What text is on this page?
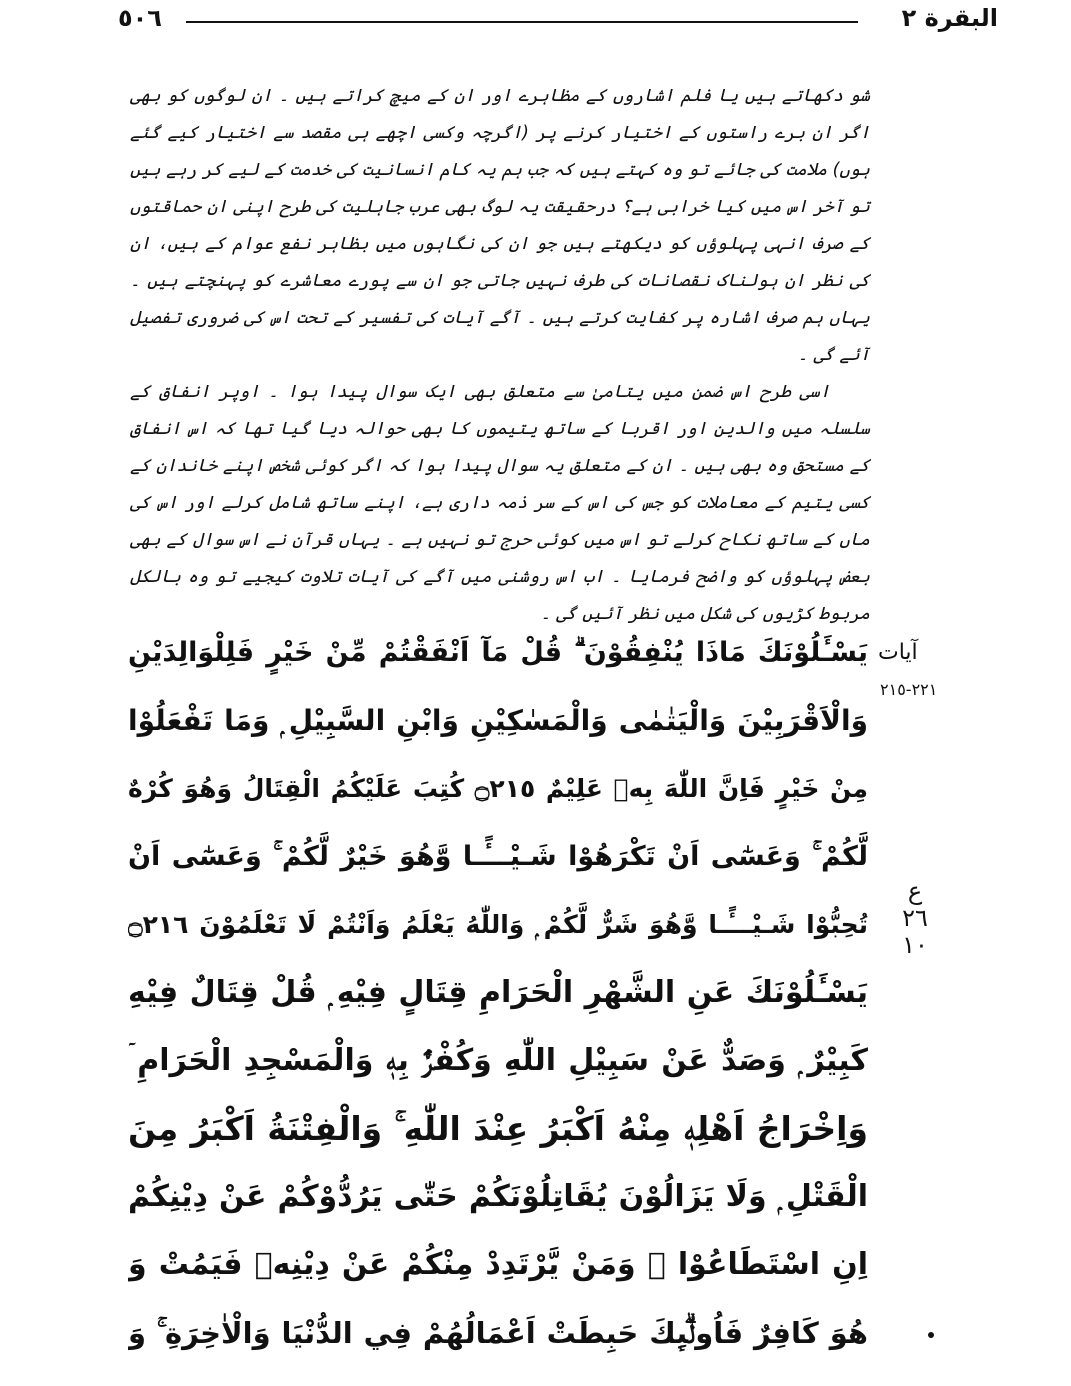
البقرة ٢
٥٠٦
شو دکھاتے ہیں یا فلم اشاروں کے مظاہرے اور ان کے میچ کراتے ہیں ۔ ان لوگوں کو بھی اگر ان برے راستوں کے اختیار کرنے پر (اگرچہ وکسی اچھے ہی مقصد سے اختیار کیے گئے ہوں) ملامت کی جائے تو وہ کہتے ہیں کہ جب ہم یہ کام انسانیت کی خدمت کے لیے کر رہے ہیں تو آخر اس میں کیا خرابی ہے؟ درحقیقت یہ لوگ بھی عرب جاہلیت کی طرح اپنی ان حماقتوں کے صرف انہی پہلوؤں کو دیکھتے ہیں جو ان کی نگاہوں میں بظاہر نفع عوام کے ہیں، ان کی نظر ان ہولناک نقصانات کی طرف نہیں جاتی جو ان سے پورے معاشرے کو پہنچتے ہیں ۔ یہاں ہم صرف اشارہ پر کفایت کرتے ہیں ۔ آگے آیات کی تفسیر کے تحت اس کی ضروری تفصیل آئے گی ۔
اسی طرح اس ضمن میں یتامیٰ سے متعلق بھی ایک سوال پیدا ہوا ۔ اوپر انفاق کے سلسلہ میں والدین اور اقربا کے ساتھ یتیموں کا بھی حوالہ دیا گیا تھا کہ اس انفاق کے مستحق وہ بھی ہیں ۔ ان کے متعلق یہ سوال پیدا ہوا کہ اگر کوئی شخص اپنے خاندان کے کسی یتیم کے معاملات کو جس کی اس کے سر ذمہ داری ہے، اپنے ساتھ شامل کرلے اور اس کی ماں کے ساتھ نکاح کرلے تو اس میں کوئی حرج تو نہیں ہے ۔ یہاں قرآن نے اس سوال کے بھی بعض پہلوؤں کو واضح فرمایا ۔ اب اس روشنی میں آگے کی آیات تلاوت کیجیے تو وہ بالکل مربوط کڑیوں کی شکل میں نظر آئیں گی ۔
آیات
٢٢١-٢١٥
ع ٢٦ ١٠
يَسْـَٔلُوْنَكَ مَاذَا يُنْفِقُوْنَ ۗ قُلْ مَآ اَنْفَقْتُمْ مِّنْ خَيْرٍ فَلِلْوَالِدَيْنِ
وَالْاَقْرَبِيْنَ وَالْيَتٰمٰى وَالْمَسٰكِيْنِ وَابْنِ السَّبِيْلِ ۭ وَمَا تَفْعَلُوْا
مِنْ خَيْرٍ فَاِنَّ اللّٰهَ بِهٖ عَلِيْمٌ ۝٢١٥ كُتِبَ عَلَيْكُمُ الْقِتَالُ وَھُوَ كُرْهٌ
لَّكُمْ ۚ وَعَسٰٓى اَنْ تَكْرَھُوْا شَـيْـــًٔـا وَّھُوَ خَيْرٌ لَّكُمْ ۚ وَعَسٰٓى اَنْ
تُحِبُّوْا شَـيْـــًٔـا وَّھُوَ شَرٌّ لَّكُمْ ۭ وَاللّٰهُ يَعْلَمُ وَاَنْتُمْ لَا تَعْلَمُوْنَ ۝٢١٦
يَسْـَٔلُوْنَكَ عَنِ الشَّهْرِ الْحَرَامِ قِتَالٍ فِيْهِ ۭ قُلْ قِتَالٌ فِيْهِ
كَبِيْرٌ ۭ وَصَدٌّ عَنْ سَبِيْلِ اللّٰهِ وَكُفْرٌۢ بِهٖ وَالْمَسْجِدِ الْحَرَامِ ۤ
وَاِخْرَاجُ اَھْلِهٖ مِنْهُ اَكْبَرُ عِنْدَ اللّٰهِ ۚ وَالْفِتْنَةُ اَكْبَرُ مِنَ
الْقَتْلِ ۭ وَلَا يَزَالُوْنَ يُقَاتِلُوْنَكُمْ حَتّٰى يَرُدُّوْكُمْ عَنْ دِيْنِكُمْ
اِنِ اسْتَطَاعُوْا ۭ وَمَنْ يَّرْتَدِدْ مِنْكُمْ عَنْ دِيْنِهٖ فَيَمُتْ وَ
ھُوَ كَافِرٌ فَاُولٰۗىِٕكَ حَبِطَتْ اَعْمَالُهُمْ فِي الدُّنْيَا وَالْاٰخِرَةِ ۚ وَ
